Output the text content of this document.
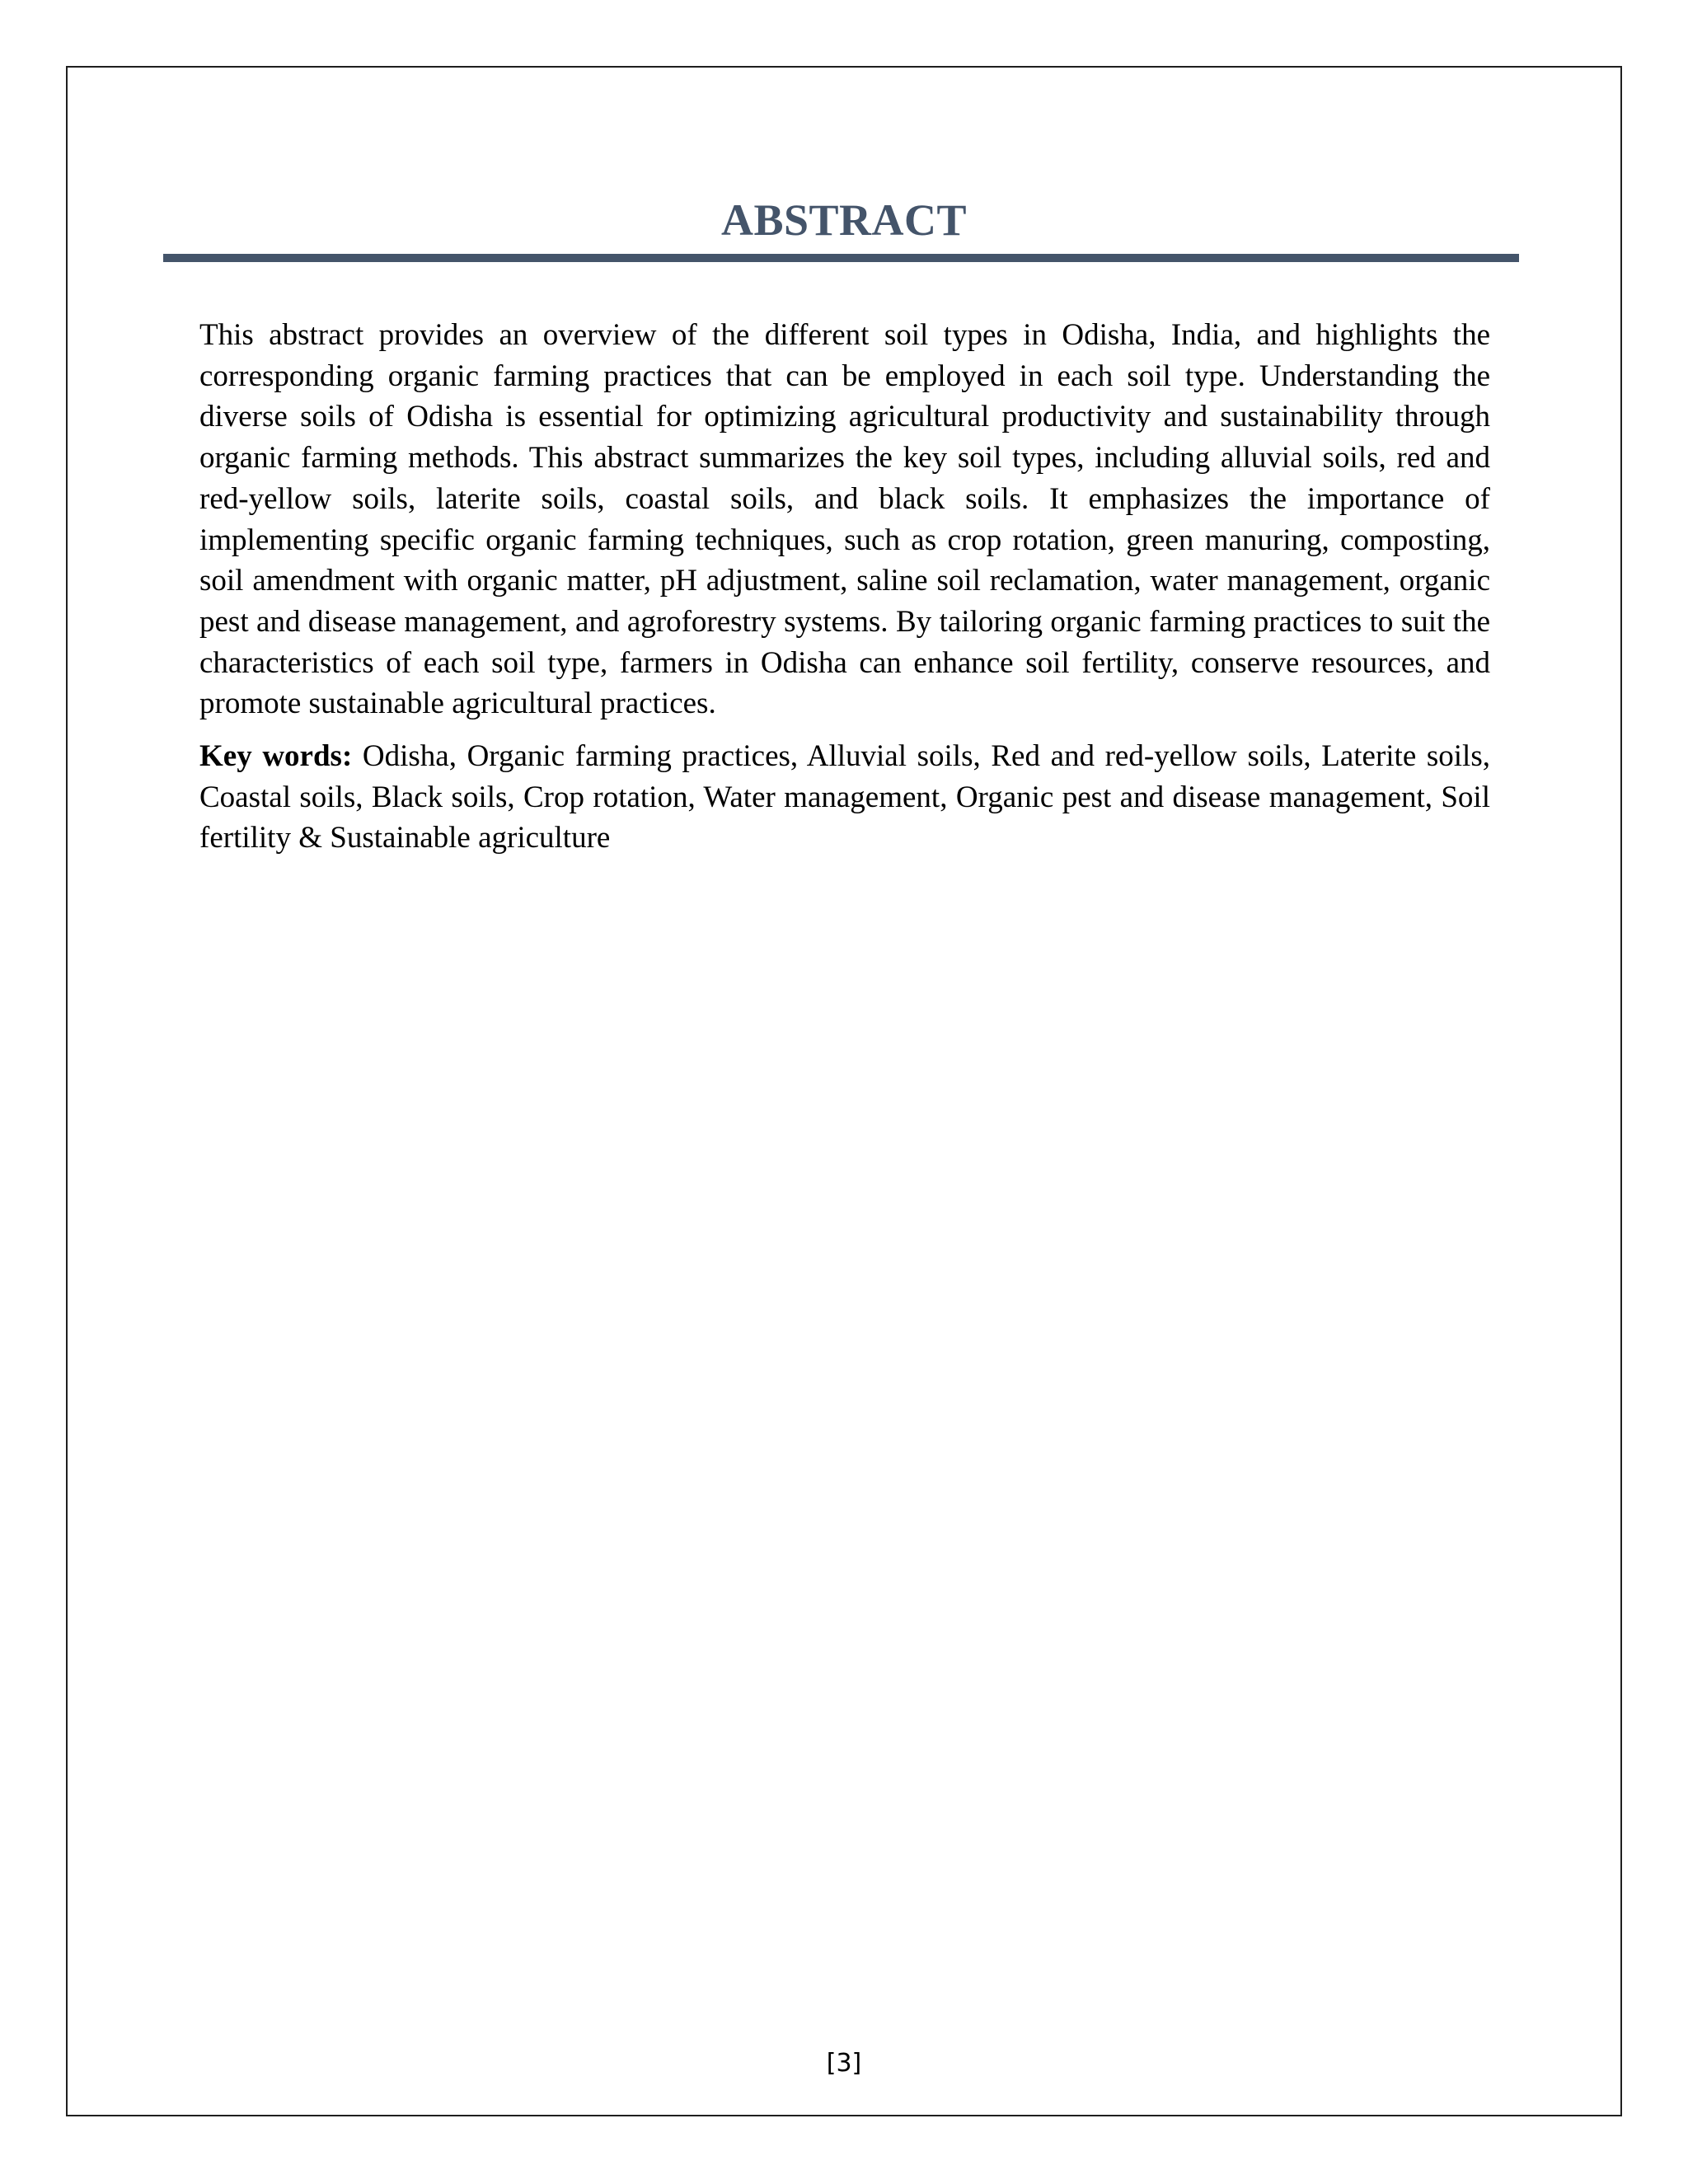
ABSTRACT

This abstract provides an overview of the different soil types in Odisha, India, and highlights the corresponding organic farming practices that can be employed in each soil type. Understanding the diverse soils of Odisha is essential for optimizing agricultural productivity and sustainability through organic farming methods. This abstract summarizes the key soil types, including alluvial soils, red and red-yellow soils, laterite soils, coastal soils, and black soils. It emphasizes the importance of implementing specific organic farming techniques, such as crop rotation, green manuring, composting, soil amendment with organic matter, pH adjustment, saline soil reclamation, water management, organic pest and disease management, and agroforestry systems. By tailoring organic farming practices to suit the characteristics of each soil type, farmers in Odisha can enhance soil fertility, conserve resources, and promote sustainable agricultural practices.

Key words: Odisha, Organic farming practices, Alluvial soils, Red and red-yellow soils, Laterite soils, Coastal soils, Black soils, Crop rotation, Water management, Organic pest and disease management, Soil fertility & Sustainable agriculture

[3]
